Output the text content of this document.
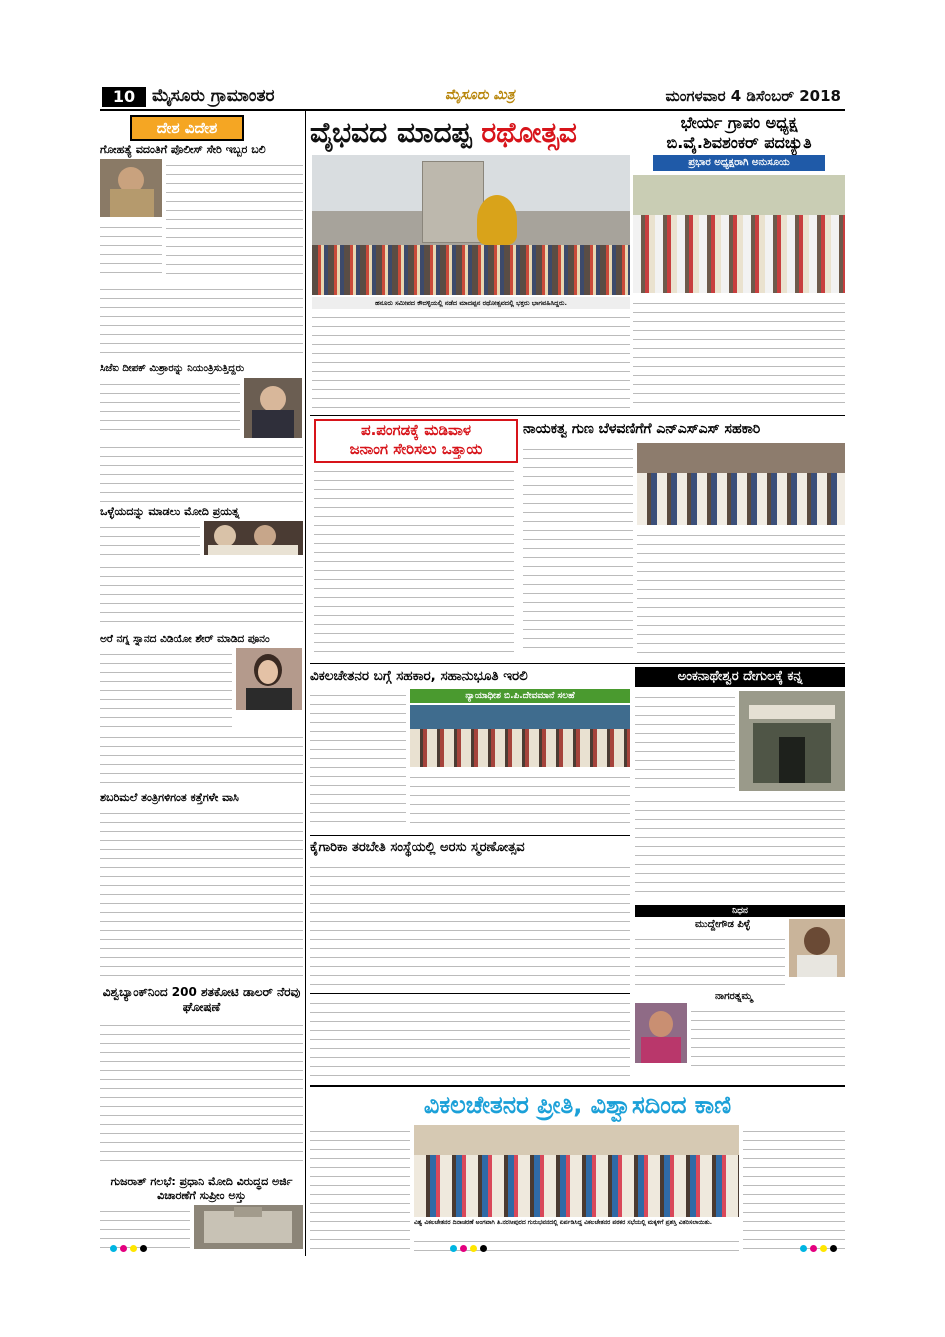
10 ಮೈಸೂರು ಗ್ರಾಮಾಂತರ	ಮೈಸೂರು ಮಿತ್ರ	ಮಂಗಳವಾರ 4 ಡಿಸೆಂಬರ್ 2018
ದೇಶ ವಿದೇಶ

ಗೋಹತ್ಯೆ ವದಂತಿಗೆ ಪೊಲೀಸ್ ಸೇರಿ ಇಬ್ಬರ ಬಲಿ

ಸಿಜೆಐ ದೀಪಕ್ ಮಿಶ್ರಾರನ್ನು ನಿಯಂತ್ರಿಸುತ್ತಿದ್ದರು

ಒಳ್ಳೆಯದನ್ನು ಮಾಡಲು ಮೋದಿ ಪ್ರಯತ್ನ

ಅರೆ ನಗ್ನ ಸ್ನಾನದ ವಿಡಿಯೋ ಶೇರ್ ಮಾಡಿದ ಪೂನಂ

ಶಬರಿಮಲೆ ತಂತ್ರಿಗಳಿಗಂತ ಕತ್ತೆಗಳೇ ವಾಸಿ

ವಿಶ್ವಬ್ಯಾಂಕ್‌ನಿಂದ 200 ಶತಕೋಟಿ ಡಾಲರ್ ನೆರವು ಘೋಷಣೆ

ಗುಜರಾತ್ ಗಲಭೆ: ಪ್ರಧಾನಿ ಮೋದಿ ವಿರುದ್ಧದ ಅರ್ಜಿ ವಿಚಾರಣೆಗೆ ಸುಪ್ರೀಂ ಅಸ್ತು

ವೈಭವದ ಮಾದಪ್ಪ ರಥೋತ್ಸವ
ಹನೂರು ಸಮೀಪದ ಕೌದಳ್ಳಿಯಲ್ಲಿ ನಡೆದ ಮಾದಪ್ಪನ ರಥೋತ್ಸವದಲ್ಲಿ ಭಕ್ತರು ಭಾಗವಹಿಸಿದ್ದರು.

ಭೇರ್ಯ ಗ್ರಾಪಂ ಅಧ್ಯಕ್ಷ

ಬಿ.ವೈ.ಶಿವಶಂಕರ್ ಪದಚ್ಯುತಿ

ಪ್ರಭಾರ ಅಧ್ಯಕ್ಷರಾಗಿ ಅನುಸೂಯ
ಪ.ಪಂಗಡಕ್ಕೆ ಮಡಿವಾಳ
ಜನಾಂಗ ಸೇರಿಸಲು ಒತ್ತಾಯ

ನಾಯಕತ್ವ ಗುಣ ಬೆಳವಣಿಗೆಗೆ ಎನ್‌ಎಸ್‌ಎಸ್ ಸಹಕಾರಿ

ವಿಕಲಚೇತನರ ಬಗ್ಗೆ ಸಹಕಾರ, ಸಹಾನುಭೂತಿ ಇರಲಿ

ನ್ಯಾಯಾಧೀಶ ಬಿ.ಪಿ.ದೇವಮಾನೆ ಸಲಹೆ
ಅಂಕನಾಥೇಶ್ವರ ದೇಗುಲಕ್ಕೆ ಕನ್ನ

ಕೈಗಾರಿಕಾ ತರಬೇತಿ ಸಂಸ್ಥೆಯಲ್ಲಿ ಅರಸು ಸ್ಮರಣೋತ್ಸವ

ನಿಧನ

ಮುದ್ದೇಗೌಡ ಪಿಳ್ಳೆ

ನಾಗರತ್ನಮ್ಮ

ವಿಕಲಚೇತನರ ಪ್ರೀತಿ, ವಿಶ್ವಾಸದಿಂದ ಕಾಣಿ
ವಿಶ್ವ ವಿಕಲಚೇತನರ ದಿನಾಚರಣೆ ಅಂಗವಾಗಿ ತಿ.ನರಸೀಪುರದ ಗುರುಭವನದಲ್ಲಿ ಏರ್ಪಡಿಸಿದ್ದ ವಿಕಲಚೇತನರ ಪಠಕರ ಸಭೆಯಲ್ಲಿ ಮಕ್ಕಳಿಗೆ ಪ್ರಶಸ್ತಿ ವಿತರಿಸಲಾಯಿತು.
